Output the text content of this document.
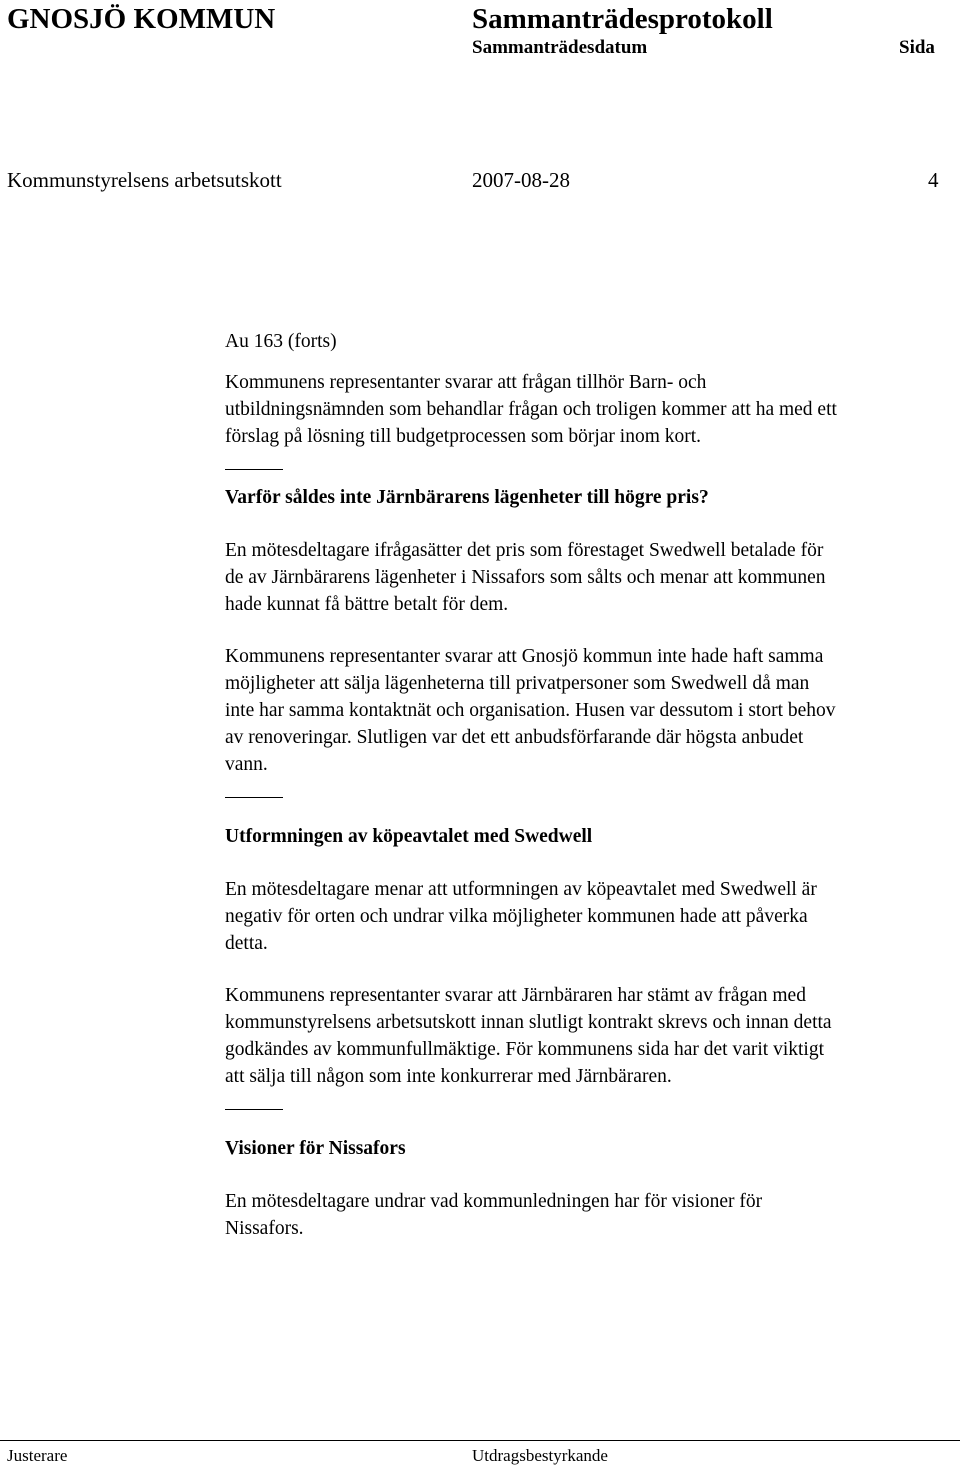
GNOSJÖ KOMMUN	Sammanträdesprotokoll
Sammanträdesdatum	Sida
Kommunstyrelsens arbetsutskott	2007-08-28	4

Au 163 (forts)

Kommunens representanter svarar att frågan tillhör Barn- och

utbildningsnämnden som behandlar frågan och troligen kommer att ha med ett

förslag på lösning till budgetprocessen som börjar inom kort.

Varför såldes inte Järnbärarens lägenheter till högre pris?

En mötesdeltagare ifrågasätter det pris som förestaget Swedwell betalade för

de av Järnbärarens lägenheter i Nissafors som sålts och menar att kommunen

hade kunnat få bättre betalt för dem.

Kommunens representanter svarar att Gnosjö kommun inte hade haft samma

möjligheter att sälja lägenheterna till privatpersoner som Swedwell då man

inte har samma kontaktnät och organisation. Husen var dessutom i stort behov

av renoveringar. Slutligen var det ett anbudsförfarande där högsta anbudet

vann.

Utformningen av köpeavtalet med Swedwell

En mötesdeltagare menar att utformningen av köpeavtalet med Swedwell är

negativ för orten och undrar vilka möjligheter kommunen hade att påverka

detta.

Kommunens representanter svarar att Järnbäraren har stämt av frågan med

kommunstyrelsens arbetsutskott innan slutligt kontrakt skrevs och innan detta

godkändes av kommunfullmäktige. För kommunens sida har det varit viktigt

att sälja till någon som inte konkurrerar med Järnbäraren.

Visioner för Nissafors

En mötesdeltagare undrar vad kommunledningen har för visioner för

Nissafors.

Justerare	Utdragsbestyrkande
